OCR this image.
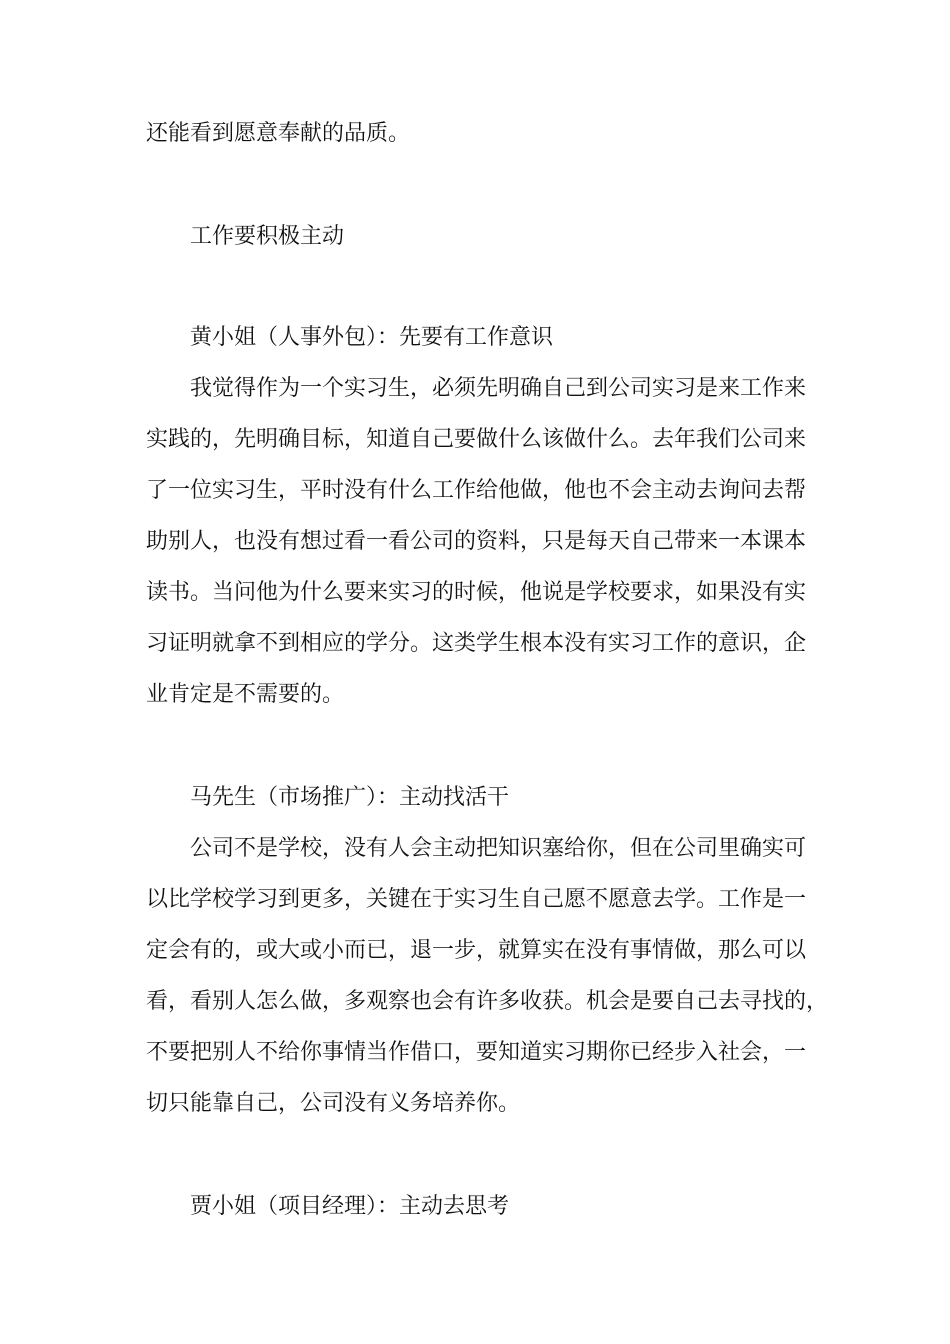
还能看到愿意奉献的品质。
工作要积极主动
黄小姐（人事外包）：先要有工作意识
我觉得作为一个实习生，必须先明确自己到公司实习是来工作来
实践的，先明确目标，知道自己要做什么该做什么。去年我们公司来
了一位实习生，平时没有什么工作给他做，他也不会主动去询问去帮
助别人，也没有想过看一看公司的资料，只是每天自己带来一本课本
读书。当问他为什么要来实习的时候，他说是学校要求，如果没有实
习证明就拿不到相应的学分。这类学生根本没有实习工作的意识，企
业肯定是不需要的。
马先生（市场推广）：主动找活干
公司不是学校，没有人会主动把知识塞给你，但在公司里确实可
以比学校学习到更多，关键在于实习生自己愿不愿意去学。工作是一
定会有的，或大或小而已，退一步，就算实在没有事情做，那么可以
看，看别人怎么做，多观察也会有许多收获。机会是要自己去寻找的，
不要把别人不给你事情当作借口，要知道实习期你已经步入社会，一
切只能靠自己，公司没有义务培养你。
贾小姐（项目经理）：主动去思考
